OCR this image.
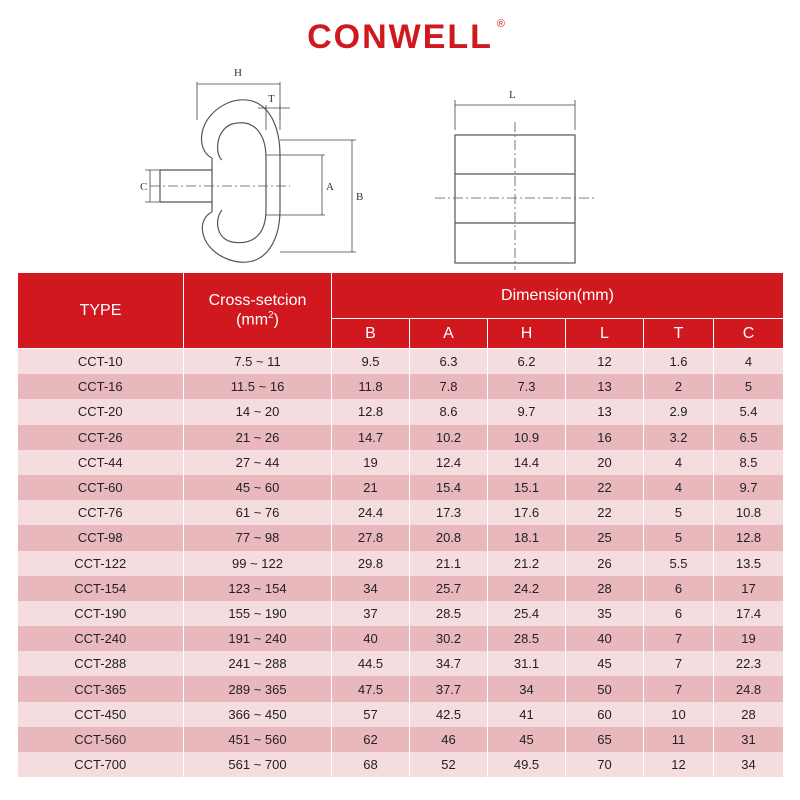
CONWELL ®
H
T
C	A
B
L
TYPE	Cross-setcion
$(mm^2)$	Dimension(mm)					
		B	A	H	L	T	C
CCT-10	7.5 ~ 11	9.5	6.3	6.2	12	1.6	4
CCT-16	11.5 ~ 16	11.8	7.8	7.3	13	2	5
CCT-20	14 ~ 20	12.8	8.6	9.7	13	2.9	5.4
CCT-26	21 ~ 26	14.7	10.2	10.9	16	3.2	6.5
CCT-44	27 ~ 44	19	12.4	14.4	20	4	8.5
CCT-60	45 ~ 60	21	15.4	15.1	22	4	9.7
CCT-76	61 ~ 76	24.4	17.3	17.6	22	5	10.8
CCT-98	77 ~ 98	27.8	20.8	18.1	25	5	12.8
CCT-122	99 ~ 122	29.8	21.1	21.2	26	5.5	13.5
CCT-154	123 ~ 154	34	25.7	24.2	28	6	17
CCT-190	155 ~ 190	37	28.5	25.4	35	6	17.4
CCT-240	191 ~ 240	40	30.2	28.5	40	7	19
CCT-288	241 ~ 288	44.5	34.7	31.1	45	7	22.3
CCT-365	289 ~ 365	47.5	37.7	34	50	7	24.8
CCT-450	366 ~ 450	57	42.5	41	60	10	28
CCT-560	451 ~ 560	62	46	45	65	11	31
CCT-700	561 ~ 700	68	52	49.5	70	12	34
